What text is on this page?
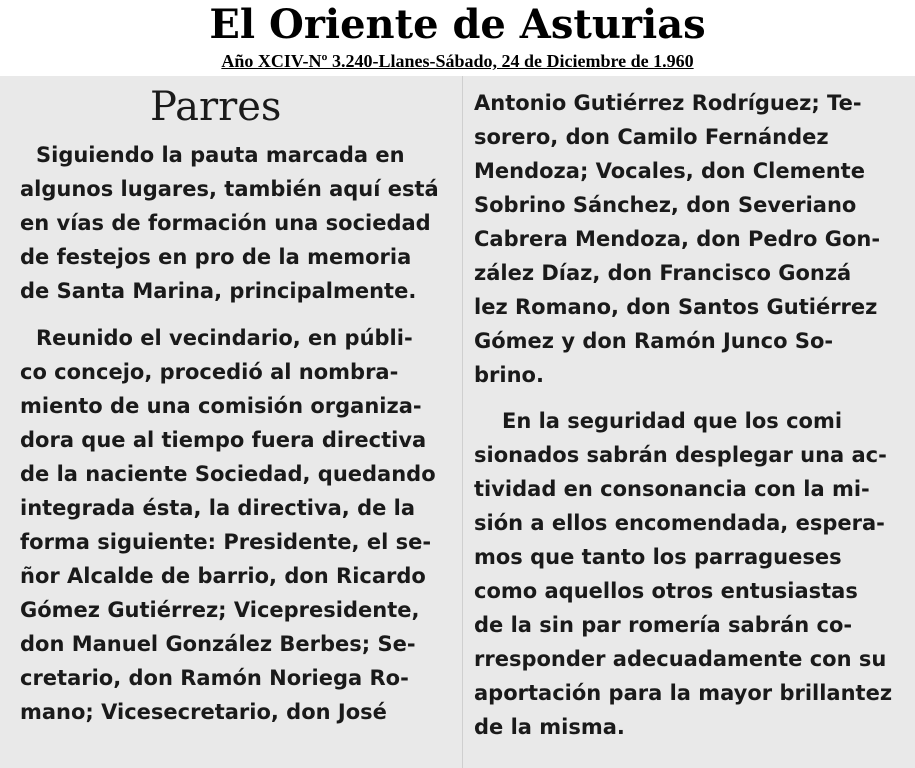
El Oriente de Asturias
Año XCIV-Nº 3.240-Llanes-Sábado, 24 de Diciembre de 1.960
Parres
Siguiendo la pauta marcada en
algunos lugares, también aquí está
en vías de formación una sociedad
de festejos en pro de la memoria
de Santa Marina, principalmente.
Reunido el vecindario, en públi-
co concejo, procedió al nombra-
miento de una comisión organiza-
dora que al tiempo fuera directiva
de la naciente Sociedad, quedando
integrada ésta, la directiva, de la
forma siguiente: Presidente, el se-
ñor Alcalde de barrio, don Ricardo
Gómez Gutiérrez; Vicepresidente,
don Manuel González Berbes; Se-
cretario, don Ramón Noriega Ro-
mano; Vicesecretario, don José
Antonio Gutiérrez Rodríguez; Te-
sorero, don Camilo Fernández
Mendoza; Vocales, don Clemente
Sobrino Sánchez, don Severiano
Cabrera Mendoza, don Pedro Gon-
zález Díaz, don Francisco Gonzá
lez Romano, don Santos Gutiérrez
Gómez y don Ramón Junco So-
brino.
En la seguridad que los comi
sionados sabrán desplegar una ac-
tividad en consonancia con la mi-
sión a ellos encomendada, espera-
mos que tanto los parragueses
como aquellos otros entusiastas
de la sin par romería sabrán co-
rresponder adecuadamente con su
aportación para la mayor brillantez
de la misma.
